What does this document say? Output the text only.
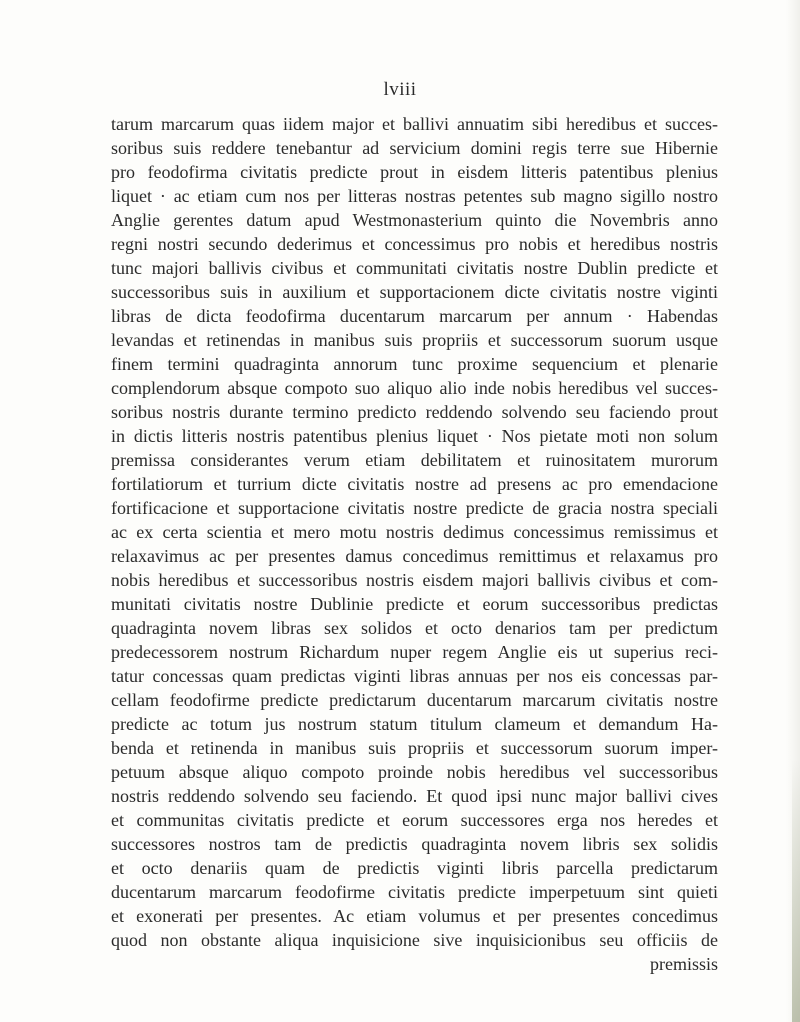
lviii
tarum marcarum quas iidem major et ballivi annuatim sibi heredibus et succes-
soribus suis reddere tenebantur ad servicium domini regis terre sue Hibernie
pro feodofirma civitatis predicte prout in eisdem litteris patentibus plenius
liquet · ac etiam cum nos per litteras nostras petentes sub magno sigillo nostro
Anglie gerentes datum apud Westmonasterium quinto die Novembris anno
regni nostri secundo dederimus et concessimus pro nobis et heredibus nostris
tunc majori ballivis civibus et communitati civitatis nostre Dublin predicte et
successoribus suis in auxilium et supportacionem dicte civitatis nostre viginti
libras de dicta feodofirma ducentarum marcarum per annum · Habendas
levandas et retinendas in manibus suis propriis et successorum suorum usque
finem termini quadraginta annorum tunc proxime sequencium et plenarie
complendorum absque compoto suo aliquo alio inde nobis heredibus vel succes-
soribus nostris durante termino predicto reddendo solvendo seu faciendo prout
in dictis litteris nostris patentibus plenius liquet · Nos pietate moti non solum
premissa considerantes verum etiam debilitatem et ruinositatem murorum
fortilatiorum et turrium dicte civitatis nostre ad presens ac pro emendacione
fortificacione et supportacione civitatis nostre predicte de gracia nostra speciali
ac ex certa scientia et mero motu nostris dedimus concessimus remissimus et
relaxavimus ac per presentes damus concedimus remittimus et relaxamus pro
nobis heredibus et successoribus nostris eisdem majori ballivis civibus et com-
munitati civitatis nostre Dublinie predicte et eorum successoribus predictas
quadraginta novem libras sex solidos et octo denarios tam per predictum
predecessorem nostrum Richardum nuper regem Anglie eis ut superius reci-
tatur concessas quam predictas viginti libras annuas per nos eis concessas par-
cellam feodofirme predicte predictarum ducentarum marcarum civitatis nostre
predicte ac totum jus nostrum statum titulum clameum et demandum Ha-
benda et retinenda in manibus suis propriis et successorum suorum imper-
petuum absque aliquo compoto proinde nobis heredibus vel successoribus
nostris reddendo solvendo seu faciendo. Et quod ipsi nunc major ballivi cives
et communitas civitatis predicte et eorum successores erga nos heredes et
successores nostros tam de predictis quadraginta novem libris sex solidis
et octo denariis quam de predictis viginti libris parcella predictarum
ducentarum marcarum feodofirme civitatis predicte imperpetuum sint quieti
et exonerati per presentes. Ac etiam volumus et per presentes concedimus
quod non obstante aliqua inquisicione sive inquisicionibus seu officiis de
premissis
